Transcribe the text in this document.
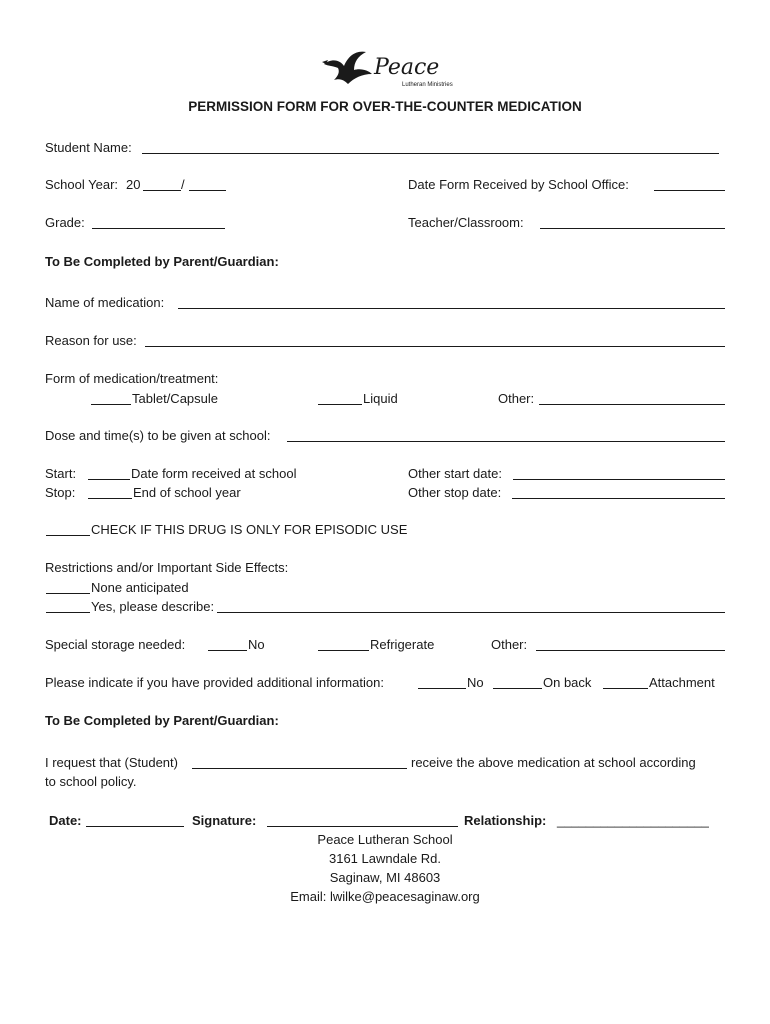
Peace
Lutheran Ministries
PERMISSION FORM FOR OVER-THE-COUNTER MEDICATION
Student Name:
School Year: 20	/	Date Form Received by School Office:
Grade:	Teacher/Classroom:
To Be Completed by Parent/Guardian:
Name of medication:
Reason for use:
Form of medication/treatment:
Tablet/Capsule	Liquid	Other:
Dose and time(s) to be given at school:
Start:	Date form received at school	Other start date:
Stop:	End of school year	Other stop date:
CHECK IF THIS DRUG IS ONLY FOR EPISODIC USE
Restrictions and/or Important Side Effects:
None anticipated
Yes, please describe:
Special storage needed:	No	Refrigerate	Other:
Please indicate if you have provided additional information:	No	On back	Attachment
To Be Completed by Parent/Guardian:
I request that (Student)	receive the above medication at school according
to school policy.
Date:	Signature:	Relationship: _____________________
Peace Lutheran School
3161 Lawndale Rd.
Saginaw, MI 48603
Email: lwilke@peacesaginaw.org
